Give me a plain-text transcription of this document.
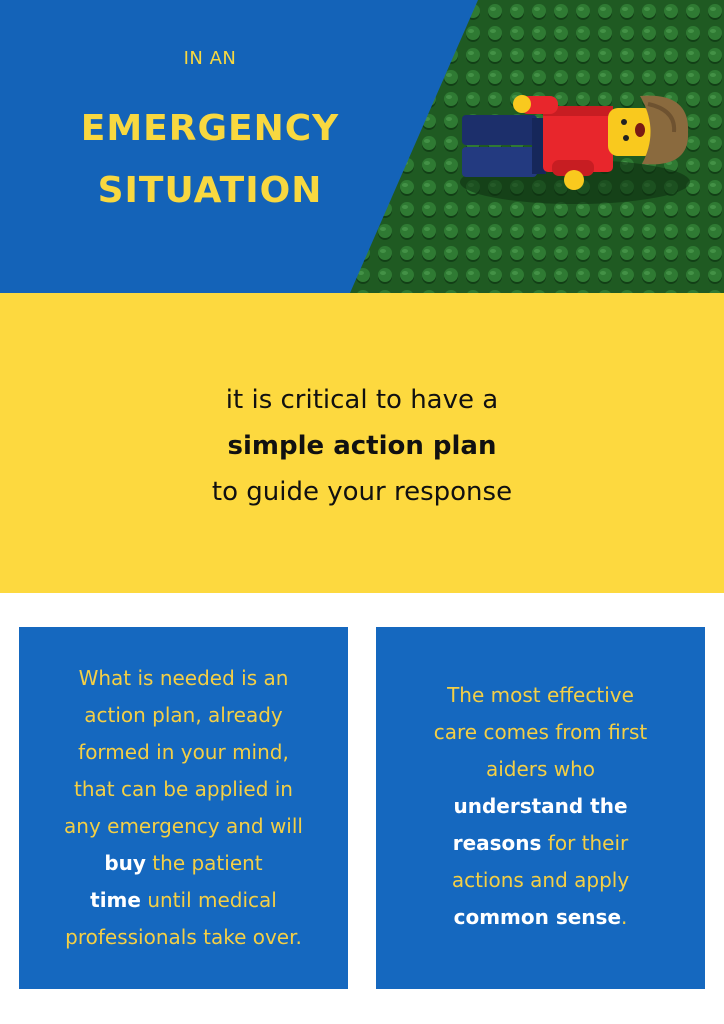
IN AN
EMERGENCY
SITUATION

it is critical to have a

simple action plan

to guide your response

What is needed is an
action plan, already
formed in your mind,
that can be applied in
any emergency and will
buy the patient
time until medical
professionals take over.
The most effective
care comes from first
aiders who
understand the
reasons for their
actions and apply
common sense.
